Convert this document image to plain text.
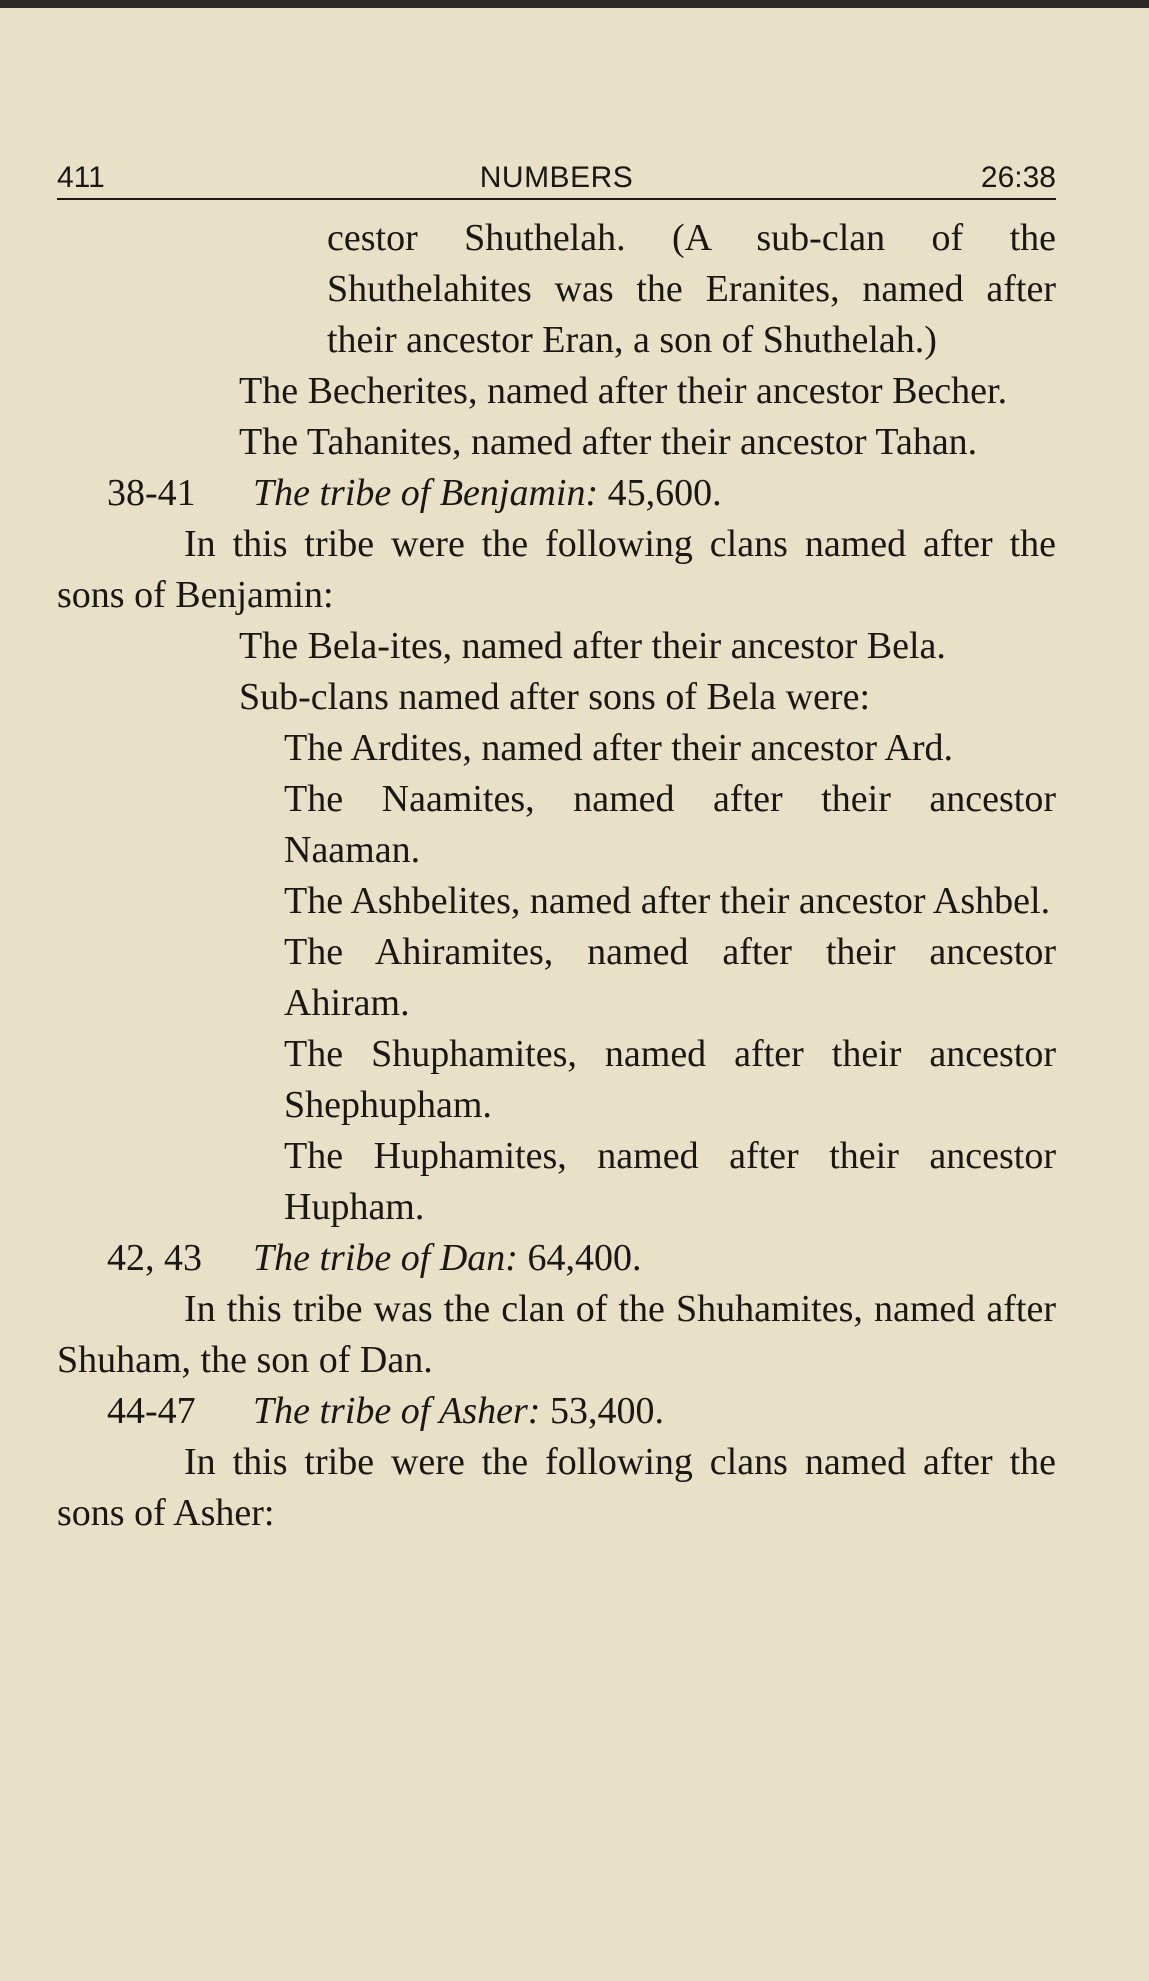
NUMBERS
411	26:38

cestor Shuthelah. (A sub-clan of the Shuthelahites was the Eranites, named after their ancestor Eran, a son of Shuthelah.)

The Becherites, named after their ancestor Becher.

The Tahanites, named after their ancestor Tahan.

38-41 The tribe of Benjamin: 45,600.

In this tribe were the following clans named after the sons of Benjamin:

The Bela-ites, named after their ancestor Bela.

Sub-clans named after sons of Bela were:

The Ardites, named after their ancestor Ard.

The Naamites, named after their ancestor Naaman.

The Ashbelites, named after their ancestor Ashbel.

The Ahiramites, named after their ancestor Ahiram.

The Shuphamites, named after their ancestor Shephupham.

The Huphamites, named after their ancestor Hupham.

42, 43 The tribe of Dan: 64,400.

In this tribe was the clan of the Shuhamites, named after Shuham, the son of Dan.

44-47 The tribe of Asher: 53,400.

In this tribe were the following clans named after the sons of Asher:
